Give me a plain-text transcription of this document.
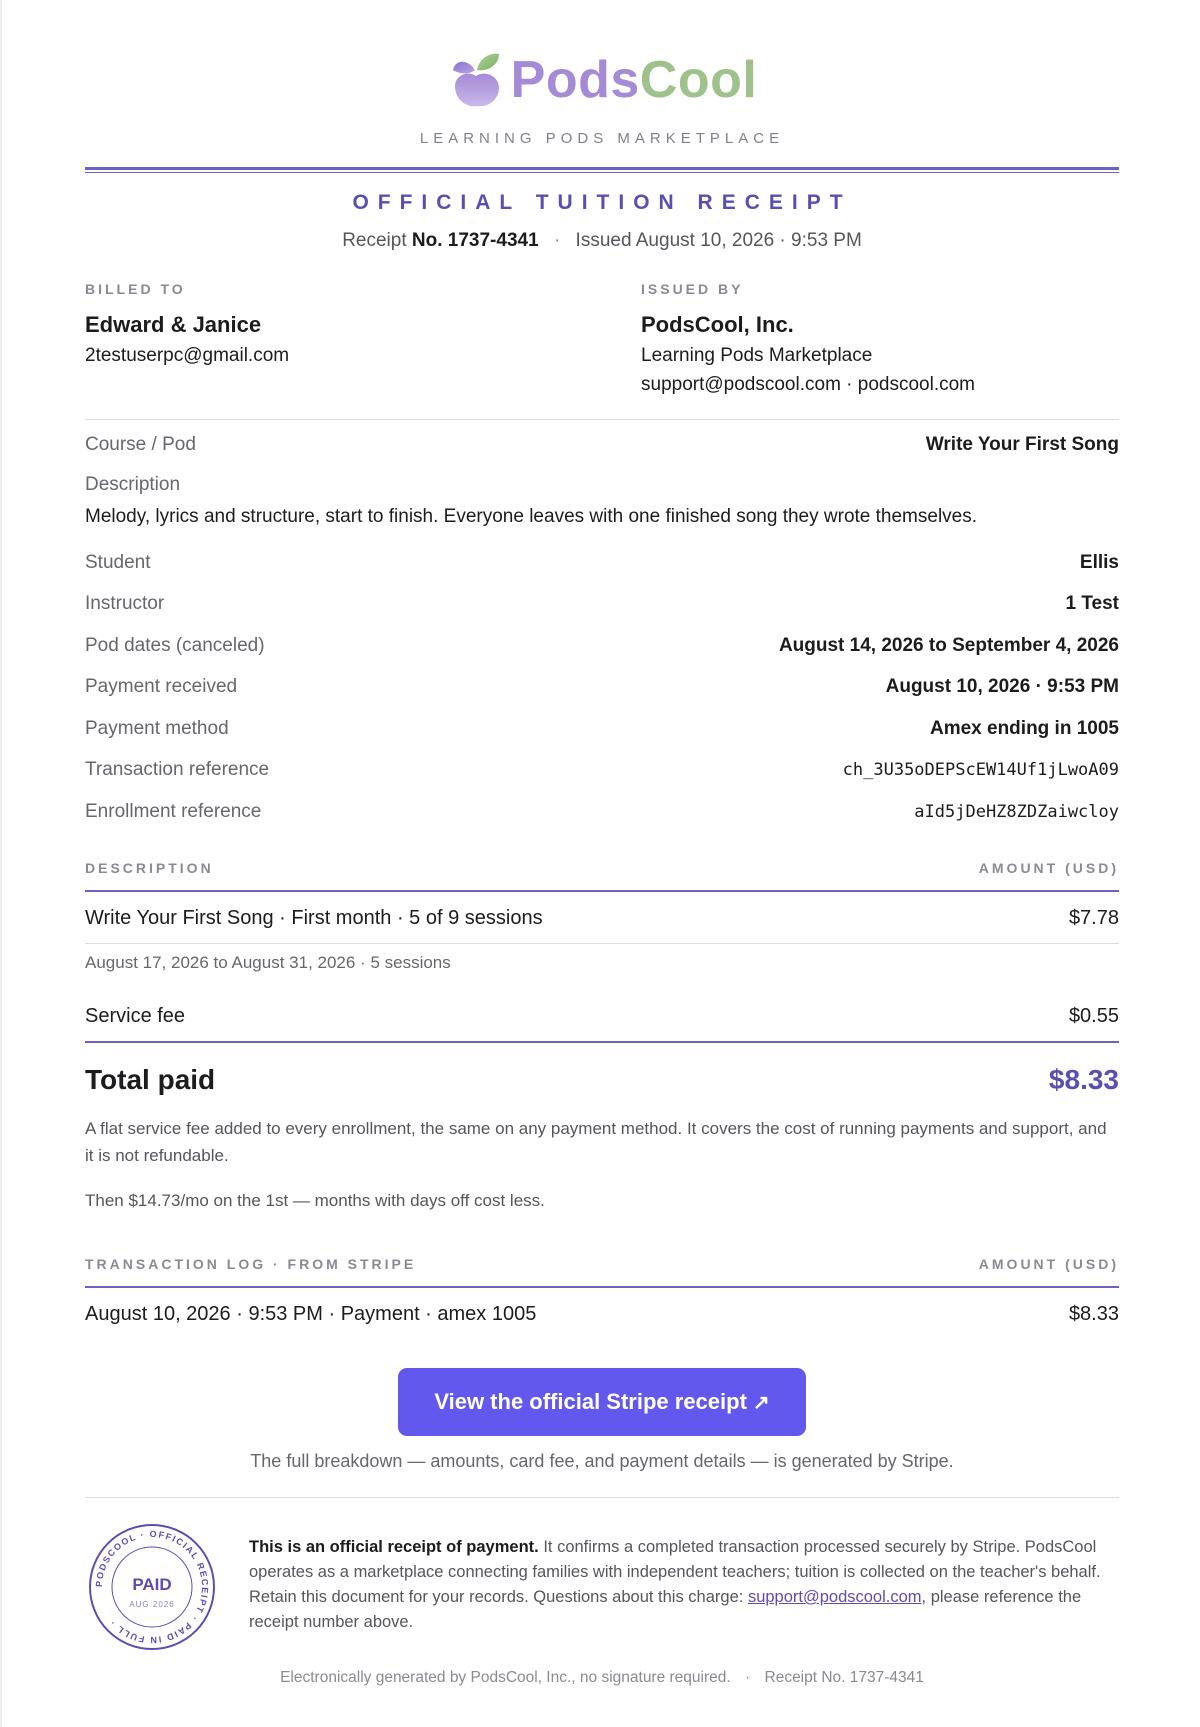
PodsCool
LEARNING PODS MARKETPLACE
OFFICIAL TUITION RECEIPT
Receipt No. 1737-4341 · Issued August 10, 2026 · 9:53 PM
BILLED TO
Edward & Janice
2testuserpc@gmail.com
ISSUED BY
PodsCool, Inc.
Learning Pods Marketplace
support@podscool.com · podscool.com
Course / Pod	Write Your First Song
Description
Melody, lyrics and structure, start to finish. Everyone leaves with one finished song they wrote themselves.
Student	Ellis
Instructor	1 Test
Pod dates (canceled)	August 14, 2026 to September 4, 2026
Payment received	August 10, 2026 · 9:53 PM
Payment method	Amex ending in 1005
Transaction reference	ch_3U35oDEPScEW14Uf1jLwoA09
Enrollment reference	aId5jDeHZ8ZDZaiwcloy
DESCRIPTION	AMOUNT (USD)
Write Your First Song · First month · 5 of 9 sessions	$7.78
August 17, 2026 to August 31, 2026 · 5 sessions
Service fee	$0.55
Total paid	$8.33
A flat service fee added to every enrollment, the same on any payment method. It covers the cost of running payments and support, and it is not refundable.
Then $14.73/mo on the 1st — months with days off cost less.
TRANSACTION LOG · FROM STRIPE	AMOUNT (USD)
August 10, 2026 · 9:53 PM · Payment · amex 1005	$8.33
View the official Stripe receipt ↗
The full breakdown — amounts, card fee, and payment details — is generated by Stripe.
PODSCOOL · OFFICIAL RECEIPT · PAID IN FULL ·
PAID
AUG 2026
This is an official receipt of payment. It confirms a completed transaction processed securely by Stripe. PodsCool operates as a marketplace connecting families with independent teachers; tuition is collected on the teacher's behalf. Retain this document for your records. Questions about this charge: support@podscool.com, please reference the receipt number above.
Electronically generated by PodsCool, Inc., no signature required. · Receipt No. 1737-4341
